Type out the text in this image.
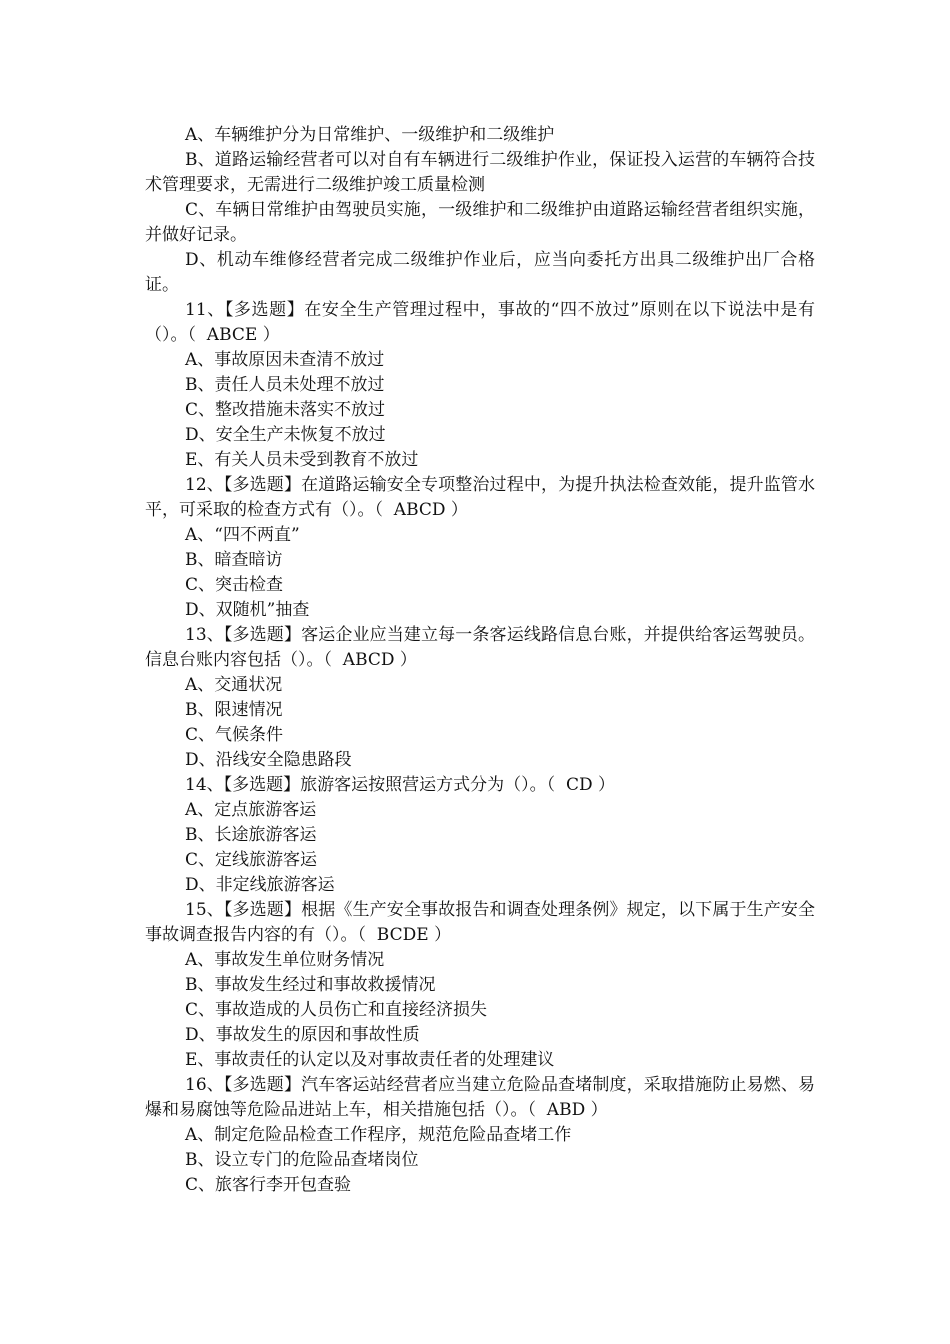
A、车辆维护分为日常维护、一级维护和二级维护

B、道路运输经营者可以对自有车辆进行二级维护作业，保证投入运营的车辆符合技术管理要求，无需进行二级维护竣工质量检测

C、车辆日常维护由驾驶员实施，一级维护和二级维护由道路运输经营者组织实施，并做好记录。

D、机动车维修经营者完成二级维护作业后，应当向委托方出具二级维护出厂合格证。

11、【多选题】在安全生产管理过程中，事故的“四不放过”原则在以下说法中是有（）。（  ABCE ）

A、事故原因未查清不放过

B、责任人员未处理不放过

C、整改措施未落实不放过

D、安全生产未恢复不放过

E、有关人员未受到教育不放过

12、【多选题】在道路运输安全专项整治过程中，为提升执法检查效能，提升监管水平，可采取的检查方式有（）。（  ABCD ）

A、“四不两直”

B、暗查暗访

C、突击检查

D、双随机”抽查

13、【多选题】客运企业应当建立每一条客运线路信息台账，并提供给客运驾驶员。信息台账内容包括（）。（  ABCD ）

A、交通状况

B、限速情况

C、气候条件

D、沿线安全隐患路段

14、【多选题】旅游客运按照营运方式分为（）。（  CD ）

A、定点旅游客运

B、长途旅游客运

C、定线旅游客运

D、非定线旅游客运

15、【多选题】根据《生产安全事故报告和调查处理条例》规定，以下属于生产安全事故调查报告内容的有（）。（  BCDE ）

A、事故发生单位财务情况

B、事故发生经过和事故救援情况

C、事故造成的人员伤亡和直接经济损失

D、事故发生的原因和事故性质

E、事故责任的认定以及对事故责任者的处理建议

16、【多选题】汽车客运站经营者应当建立危险品查堵制度，采取措施防止易燃、易爆和易腐蚀等危险品进站上车，相关措施包括（）。（  ABD ）

A、制定危险品检查工作程序，规范危险品查堵工作

B、设立专门的危险品查堵岗位

C、旅客行李开包查验
